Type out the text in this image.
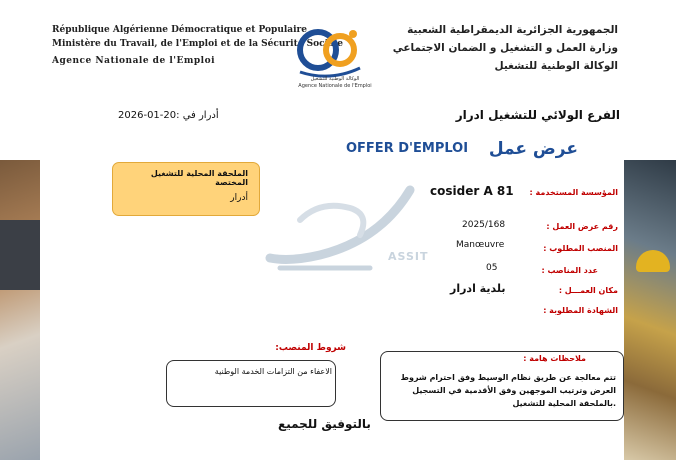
République Algérienne Démocratique et Populaire
Ministère du Travail, de l'Emploi et de la Sécurité Sociale
Agence Nationale de l'Emploi
الجمهورية الجزائرية الديمقراطية الشعبية
وزارة العمل و التشغيل و الضمان الاجتماعي
الوكالة الوطنية للتشغيل
الوكالة الوطنية للتشغيل
Agence Nationale de l'Emploi
ASSIT
أدرار في :20-01-2026	الفرع الولائي للتشغيل ادرار
عرض عمل
OFFER D'EMPLOI
الملحقة المحلية للتشغيل المختصة
أدرار
المؤسسة المستخدمة :
cosider A 81
رقم عرض العمل :
2025/168
المنصب المطلوب :
Manœuvre
عدد المناصب :
05
مكان العمـــل :
بلدية ادرار
الشهادة المطلوبة :
شروط المنصب:
الاعفاء من التزامات الخدمة الوطنية
ملاحظات هامة :
تتم معالجة عن طريق نظام الوسيط وفق احترام شروط
العرض وترتيب الموجهين وفق الأقدمية في التسجيل
.بالملحقة المحلية للتشغيل
بالتوفيق للجميع
